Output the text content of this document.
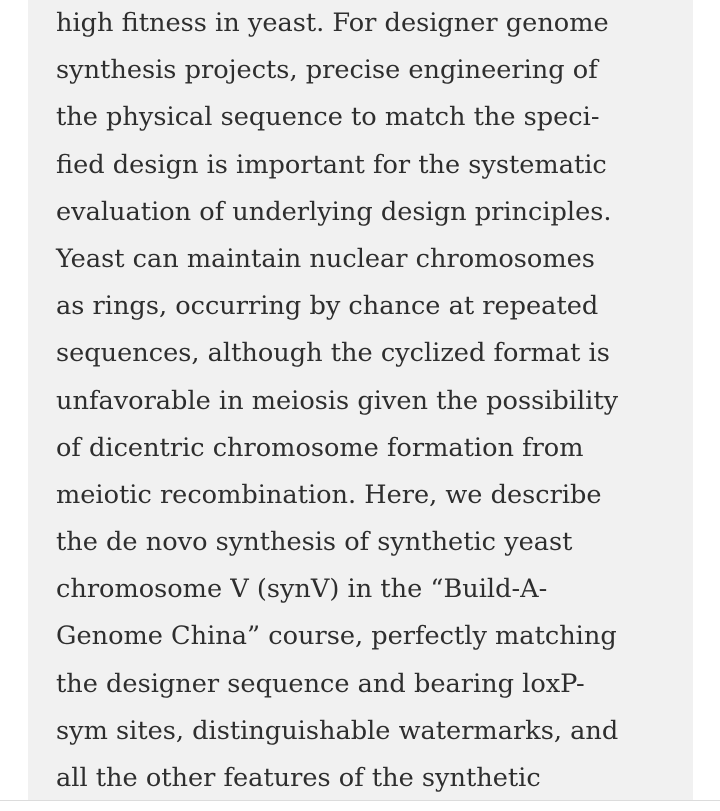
high fitness in yeast. For designer genome
synthesis projects, precise engineering of
the physical sequence to match the speci-
fied design is important for the systematic
evaluation of underlying design principles.
Yeast can maintain nuclear chromosomes
as rings, occurring by chance at repeated
sequences, although the cyclized format is
unfavorable in meiosis given the possibility
of dicentric chromosome formation from
meiotic recombination. Here, we describe
the de novo synthesis of synthetic yeast
chromosome V (synV) in the “Build-A-
Genome China” course, perfectly matching
the designer sequence and bearing loxP-
sym sites, distinguishable watermarks, and
all the other features of the synthetic
